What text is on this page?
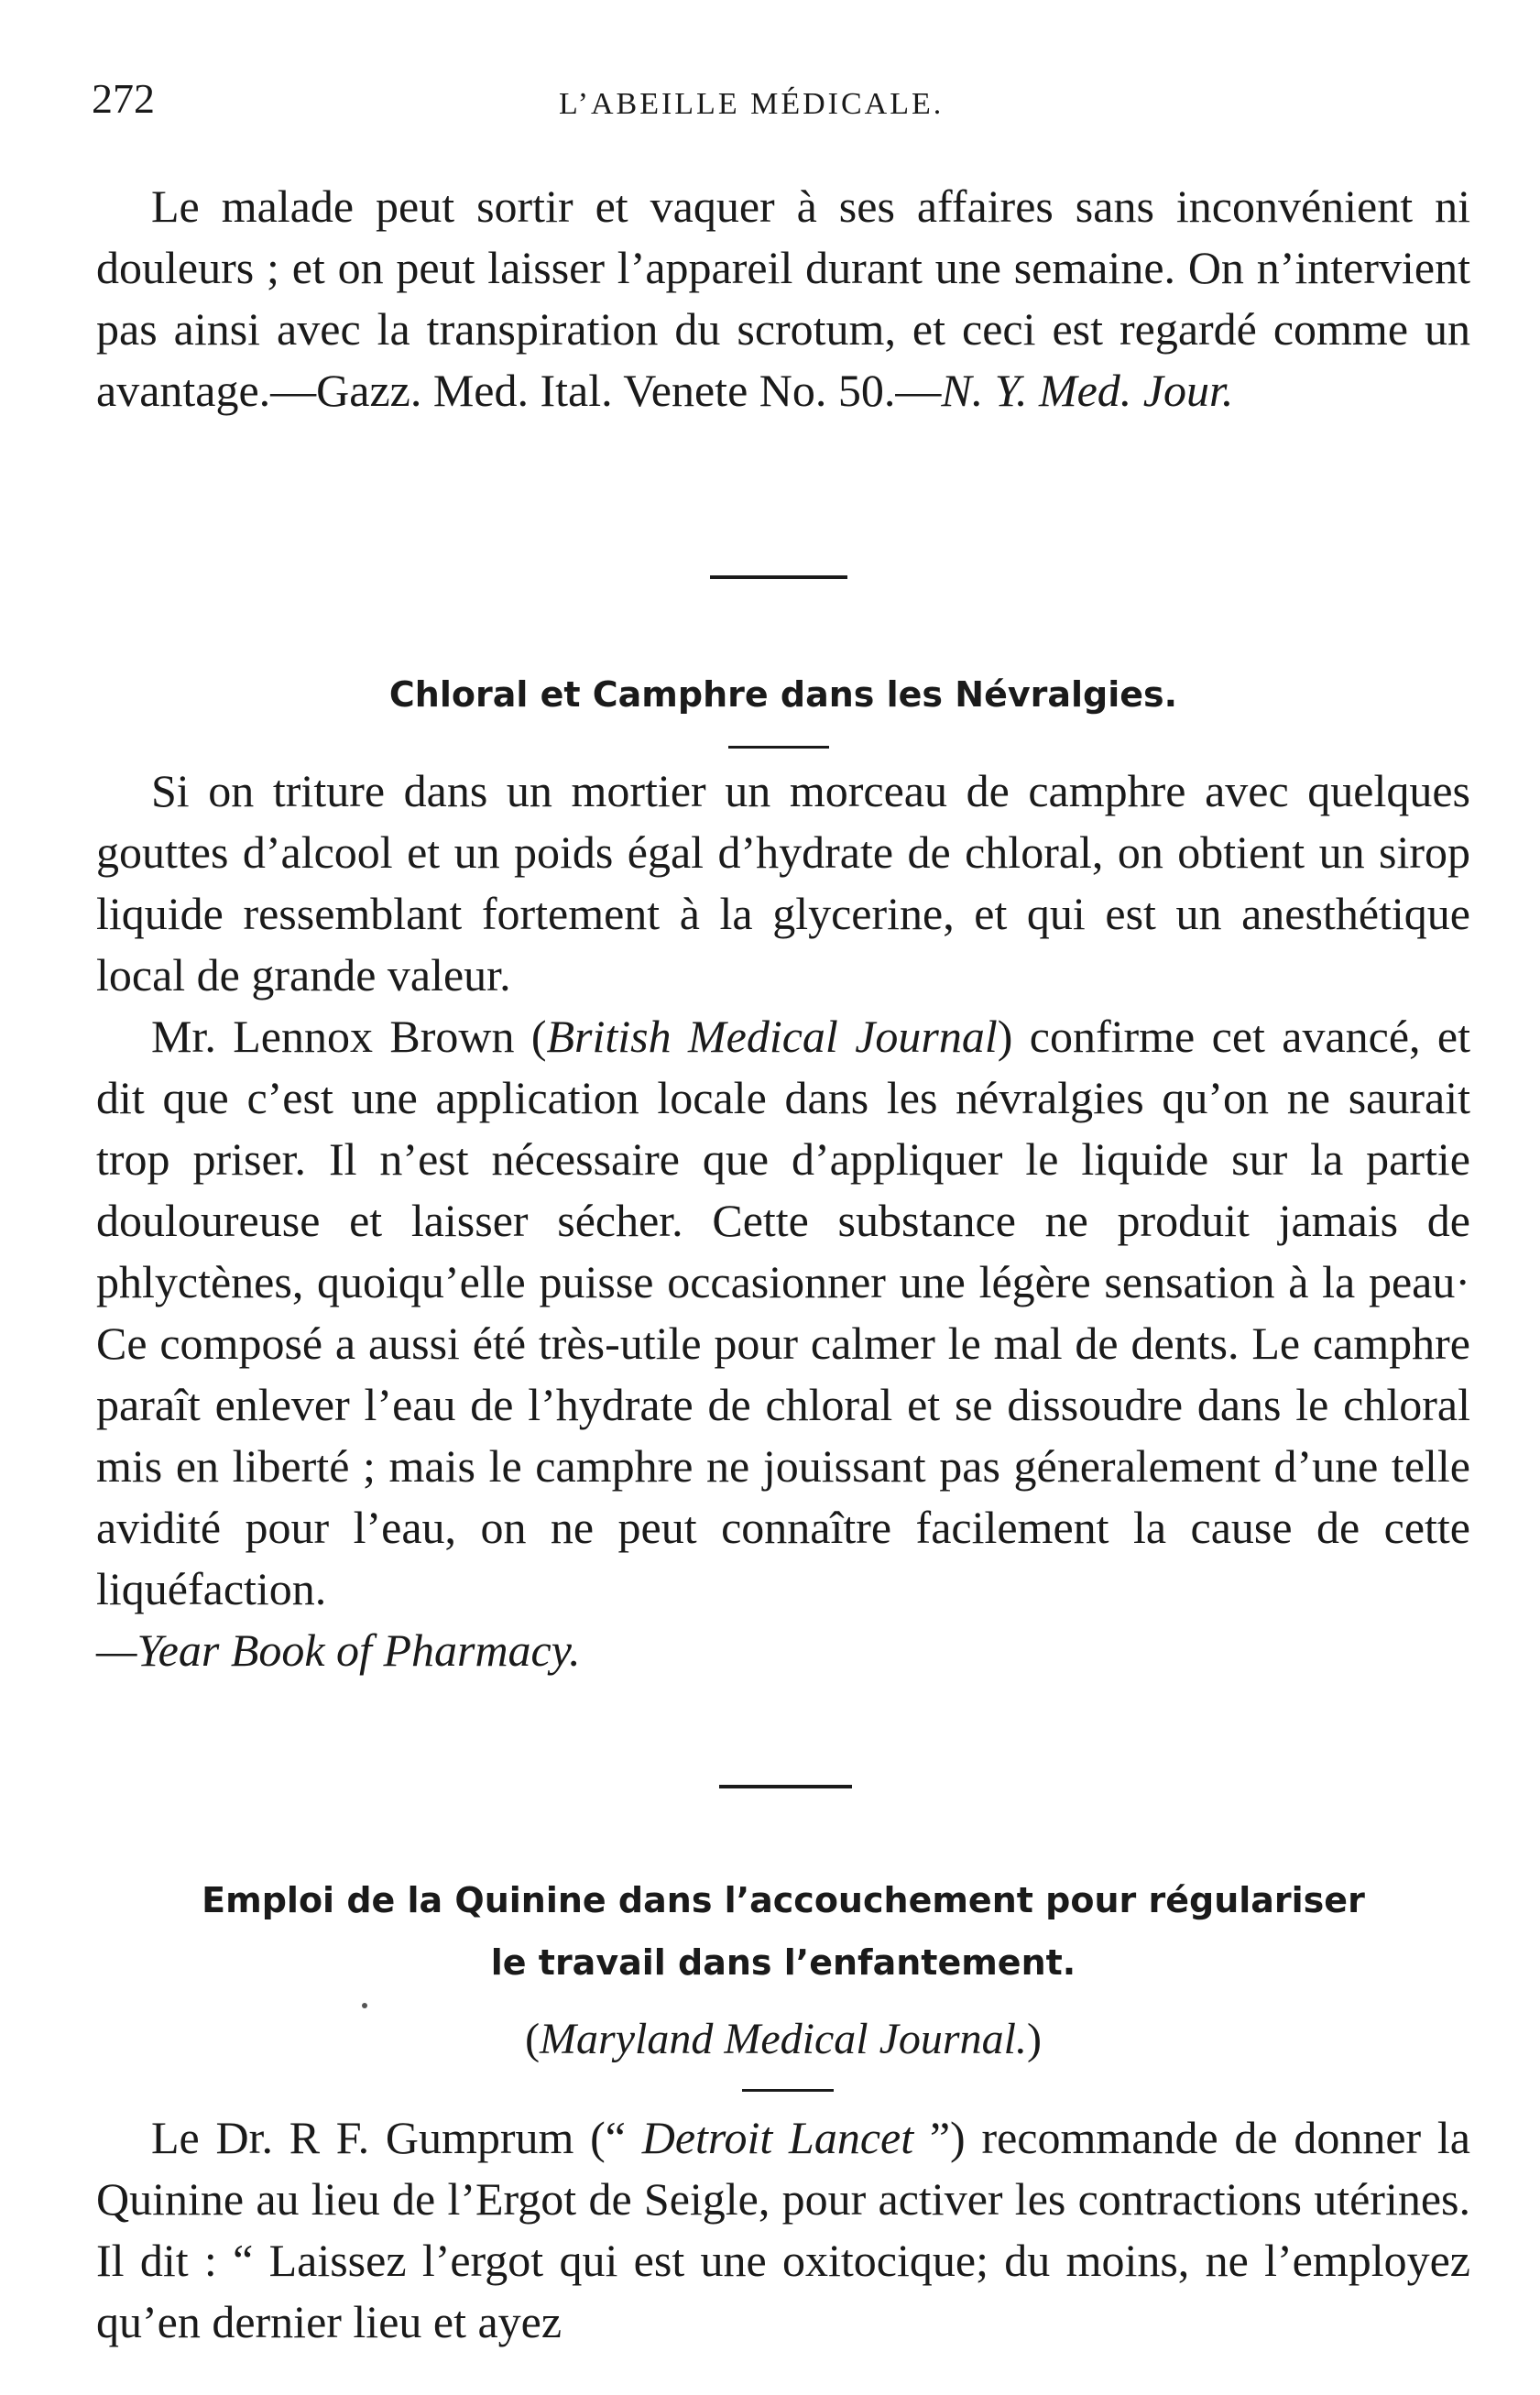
272	L’ABEILLE MÉDICALE.

Le malade peut sortir et vaquer à ses affaires sans inconvénient ni douleurs ; et on peut laisser l’appareil durant une semaine. On n’intervient pas ainsi avec la transpiration du scrotum, et ceci est regardé comme un avantage.—Gazz. Med. Ital. Venete No. 50.—N. Y. Med. Jour.

Chloral et Camphre dans les Névralgies.

Si on triture dans un mortier un morceau de camphre avec quelques gouttes d’alcool et un poids égal d’hydrate de chloral, on obtient un sirop liquide ressemblant fortement à la glycerine, et qui est un anesthétique local de grande valeur.

Mr. Lennox Brown (British Medical Journal) confirme cet avancé, et dit que c’est une application locale dans les névralgies qu’on ne saurait trop priser. Il n’est nécessaire que d’appliquer le liquide sur la partie douloureuse et laisser sécher. Cette substance ne produit jamais de phlyctènes, quoiqu’elle puisse occasionner une légère sensation à la peau· Ce composé a aussi été très-utile pour calmer le mal de dents. Le camphre paraît enlever l’eau de l’hydrate de chloral et se dissoudre dans le chloral mis en liberté ; mais le camphre ne jouissant pas géneralement d’une telle avidité pour l’eau, on ne peut connaître facilement la cause de cette liquéfaction.

—Year Book of Pharmacy.

Emploi de la Quinine dans l’accouchement pour régulariser
le travail dans l’enfantement.
(Maryland Medical Journal.)

Le Dr. R F. Gumprum (“ Detroit Lancet ”) recommande de donner la Quinine au lieu de l’Ergot de Seigle, pour activer les contractions utérines. Il dit : “ Laissez l’ergot qui est une oxitocique; du moins, ne l’employez qu’en dernier lieu et ayez
